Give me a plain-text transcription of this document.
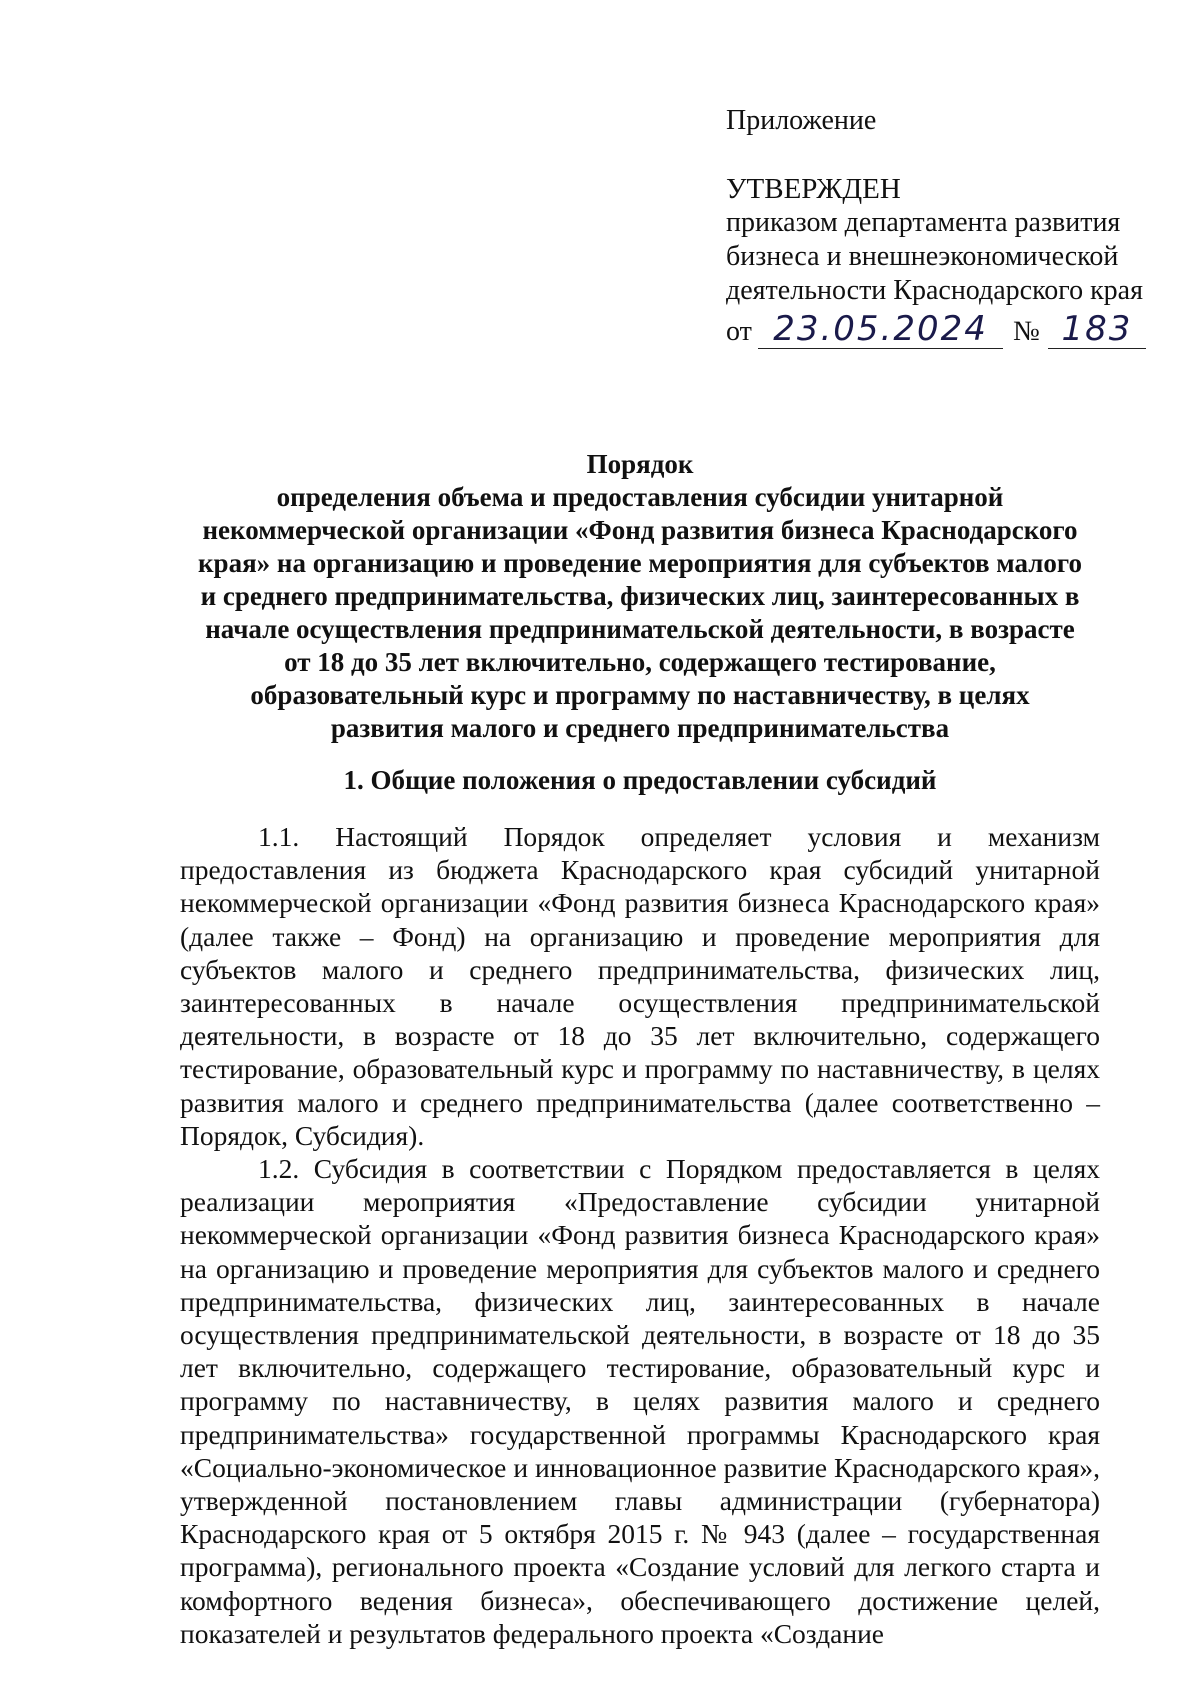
Приложение

УТВЕРЖДЕН

приказом департамента развития

бизнеса и внешнеэкономической

деятельности Краснодарского края

от 23.05.2024 № 183

Порядок

определения объема и предоставления субсидии унитарной

некоммерческой организации «Фонд развития бизнеса Краснодарского

края» на организацию и проведение мероприятия для субъектов малого

и среднего предпринимательства, физических лиц, заинтересованных в

начале осуществления предпринимательской деятельности, в возрасте

от 18 до 35 лет включительно, содержащего тестирование,

образовательный курс и программу по наставничеству, в целях

развития малого и среднего предпринимательства

1. Общие положения о предоставлении субсидий

1.1. Настоящий Порядок определяет условия и механизм предоставления из бюджета Краснодарского края субсидий унитарной некоммерческой организации «Фонд развития бизнеса Краснодарского края» (далее также – Фонд) на организацию и проведение мероприятия для субъектов малого и среднего предпринимательства, физических лиц, заинтересованных в начале осуществления предпринимательской деятельности, в возрасте от 18 до 35 лет включительно, содержащего тестирование, образовательный курс и программу по наставничеству, в целях развития малого и среднего предпринимательства (далее соответственно – Порядок, Субсидия).

1.2. Субсидия в соответствии с Порядком предоставляется в целях реализации мероприятия «Предоставление субсидии унитарной некоммерческой организации «Фонд развития бизнеса Краснодарского края» на организацию и проведение мероприятия для субъектов малого и среднего предпринимательства, физических лиц, заинтересованных в начале осуществления предпринимательской деятельности, в возрасте от 18 до 35 лет включительно, содержащего тестирование, образовательный курс и программу по наставничеству, в целях развития малого и среднего предпринимательства» государственной программы Краснодарского края «Социально-экономическое и инновационное развитие Краснодарского края», утвержденной постановлением главы администрации (губернатора) Краснодарского края от 5 октября 2015 г. № 943 (далее – государственная программа), регионального проекта «Создание условий для легкого старта и комфортного ведения бизнеса», обеспечивающего достижение целей, показателей и результатов федерального проекта «Создание
